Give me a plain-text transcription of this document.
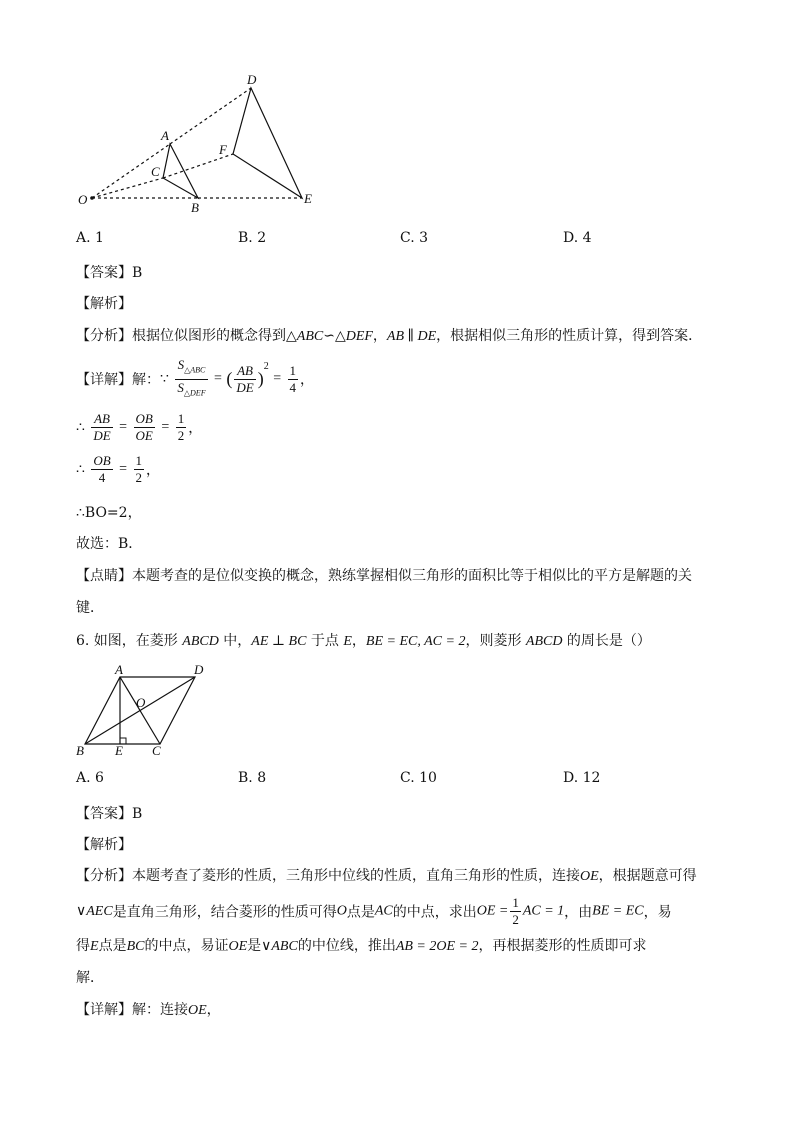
O
A
C
B
D
F
E
A. 1	B. 2	C. 3	D. 4
【答案】B
【解析】
【分析】根据位似图形的概念得到△ABC∽△DEF，AB ∥ DE，根据相似三角形的性质计算，得到答案．
【详解】解：∵ $\frac{S_{\triangle ABC}}{S_{\triangle DEF}}$ = ( $\frac{AB}{DE} )^2 = \frac{1}{4}$ ，
∴ $\frac{AB}{DE} = \frac{OB}{OE} = \frac{1}{2}$ ，
∴ $\frac{OB}{4} = \frac{1}{2}$ ，
∴BO=2，
故选：B．
【点睛】本题考查的是位似变换的概念，熟练掌握相似三角形的面积比等于相似比的平方是解题的关
键．
6. 如图，在菱形 ABCD 中，AE ⊥ BC 于点 E，BE = EC, AC = 2，则菱形 ABCD 的周长是（）
A	D
O
B E C
A. 6	B. 8	C. 10	D. 12
【答案】B
【解析】
【分析】本题考查了菱形的性质，三角形中位线的性质，直角三角形的性质，连接OE，根据题意可得
∨AEC是直角三角形，结合菱形的性质可得O点是AC的中点，求出OE = $\frac{1}{2}$ AC = 1，由BE = EC，易
得E点是BC的中点，易证OE是∨ABC的中位线，推出AB = 2OE = 2，再根据菱形的性质即可求
解．
【详解】解：连接OE，
